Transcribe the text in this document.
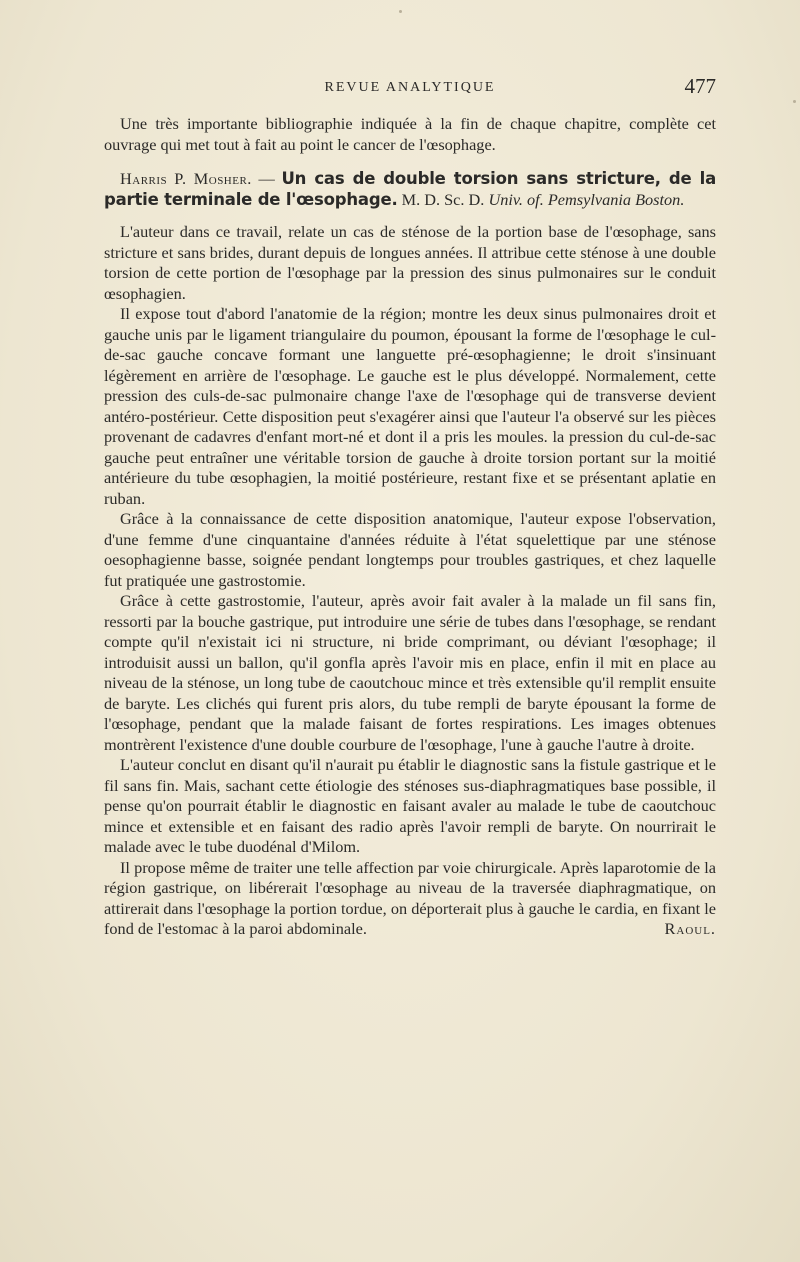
REVUE ANALYTIQUE	477

Une très importante bibliographie indiquée à la fin de chaque chapitre, complète cet ouvrage qui met tout à fait au point le cancer de l'œsophage.

Harris P. Mosher. — Un cas de double torsion sans stricture, de la partie terminale de l'œsophage. M. D. Sc. D. Univ. of. Pemsylvania Boston.

L'auteur dans ce travail, relate un cas de sténose de la portion base de l'œsophage, sans stricture et sans brides, durant depuis de longues années. Il attribue cette sténose à une double torsion de cette portion de l'œsophage par la pression des sinus pulmonaires sur le conduit œsophagien.

Il expose tout d'abord l'anatomie de la région; montre les deux sinus pulmonaires droit et gauche unis par le ligament triangulaire du poumon, épousant la forme de l'œsophage le cul-de-sac gauche concave formant une languette pré-œsophagienne; le droit s'insinuant légèrement en arrière de l'œsophage. Le gauche est le plus développé. Normalement, cette pression des culs-de-sac pulmonaire change l'axe de l'œsophage qui de transverse devient antéro-postérieur. Cette disposition peut s'exagérer ainsi que l'auteur l'a observé sur les pièces provenant de cadavres d'enfant mort-né et dont il a pris les moules. la pression du cul-de-sac gauche peut entraîner une véritable torsion de gauche à droite torsion portant sur la moitié antérieure du tube œsophagien, la moitié postérieure, restant fixe et se présentant aplatie en ruban.

Grâce à la connaissance de cette disposition anatomique, l'auteur expose l'observation, d'une femme d'une cinquantaine d'années réduite à l'état squelettique par une sténose oesophagienne basse, soignée pendant longtemps pour troubles gastriques, et chez laquelle fut pratiquée une gastrostomie.

Grâce à cette gastrostomie, l'auteur, après avoir fait avaler à la malade un fil sans fin, ressorti par la bouche gastrique, put introduire une série de tubes dans l'œsophage, se rendant compte qu'il n'existait ici ni structure, ni bride comprimant, ou déviant l'œsophage; il introduisit aussi un ballon, qu'il gonfla après l'avoir mis en place, enfin il mit en place au niveau de la sténose, un long tube de caoutchouc mince et très extensible qu'il remplit ensuite de baryte. Les clichés qui furent pris alors, du tube rempli de baryte épousant la forme de l'œsophage, pendant que la malade faisant de fortes respirations. Les images obtenues montrèrent l'existence d'une double courbure de l'œsophage, l'une à gauche l'autre à droite.

L'auteur conclut en disant qu'il n'aurait pu établir le diagnostic sans la fistule gastrique et le fil sans fin. Mais, sachant cette étiologie des sténoses sus-diaphragmatiques base possible, il pense qu'on pourrait établir le diagnostic en faisant avaler au malade le tube de caoutchouc mince et extensible et en faisant des radio après l'avoir rempli de baryte. On nourrirait le malade avec le tube duodénal d'Milom.

Il propose même de traiter une telle affection par voie chirurgicale. Après laparotomie de la région gastrique, on libérerait l'œsophage au niveau de la traversée diaphragmatique, on attirerait dans l'œsophage la portion tordue, on déporterait plus à gauche le cardia, en fixant le fond de l'estomac à la paroi abdominale.	Raoul.
